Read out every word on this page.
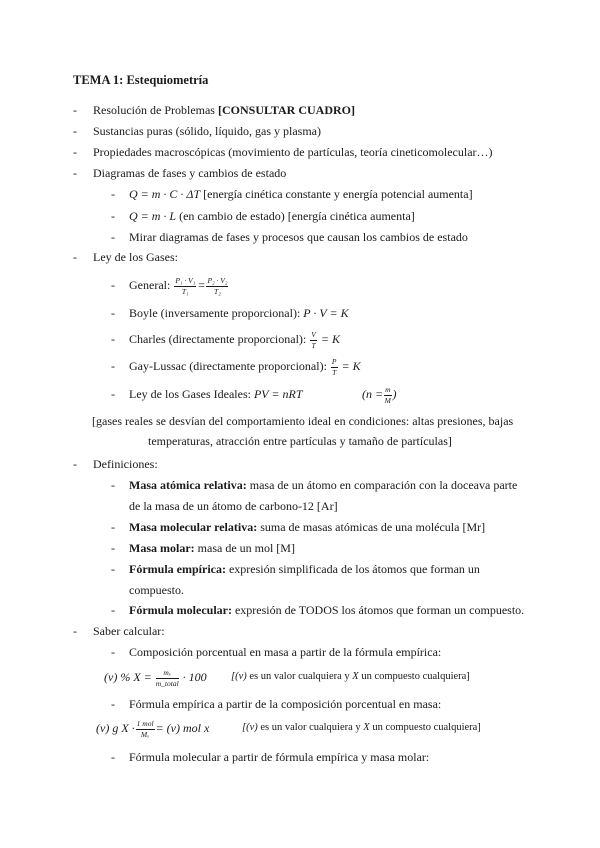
TEMA 1: Estequiometría
- Resolución de Problemas [CONSULTAR CUADRO]
- Sustancias puras (sólido, líquido, gas y plasma)
- Propiedades macroscópicas (movimiento de partículas, teoría cineticomolecular…)
- Diagramas de fases y cambios de estado
- Q = m · C · ΔT [energía cinética constante y energía potencial aumenta]
- Q = m · L (en cambio de estado) [energía cinética aumenta]
- Mirar diagramas de fases y procesos que causan los cambios de estado
- Ley de los Gases:
- General: $\frac{\text{P₁ · V₁}}{\text{T₁}} = \frac{\text{P₂ · V₂}}{\text{T₂}}$
- Boyle (inversamente proporcional): P · V = K
- Charles (directamente proporcional): $\frac{V}{T} = K$
- Gay-Lussac (directamente proporcional): $\frac{P}{T} = K$
- Ley de los Gases Ideales: PV = nRT	($n = \frac{m}{M}$ )
[gases reales se desvían del comportamiento ideal en condiciones: altas presiones, bajas
temperaturas, atracción entre partículas y tamaño de partículas]
- Definiciones:
- Masa atómica relativa: masa de un átomo en comparación con la doceava parte
de la masa de un átomo de carbono-12 [Ar]
- Masa molecular relativa: suma de masas atómicas de una molécula [Mr]
- Masa molar: masa de un mol [M]
- Fórmula empírica: expresión simplificada de los átomos que forman un
compuesto.
- Fórmula molecular: expresión de TODOS los átomos que forman un compuesto.
- Saber calcular:
- Composición porcentual en masa a partir de la fórmula empírica:
(v) % $X = \frac{\text{mₓ}}{\text{m\_total}} \cdot 100$ [(v) es un valor cualquiera y X un compuesto cualquiera]
- Fórmula empírica a partir de la composición porcentual en masa:
(v) g $X \cdot \frac{\text{1 mol}}{\text{Mₓ}} = (v)$ mol x	[(v) es un valor cualquiera y X un compuesto cualquiera]
- Fórmula molecular a partir de fórmula empírica y masa molar:
